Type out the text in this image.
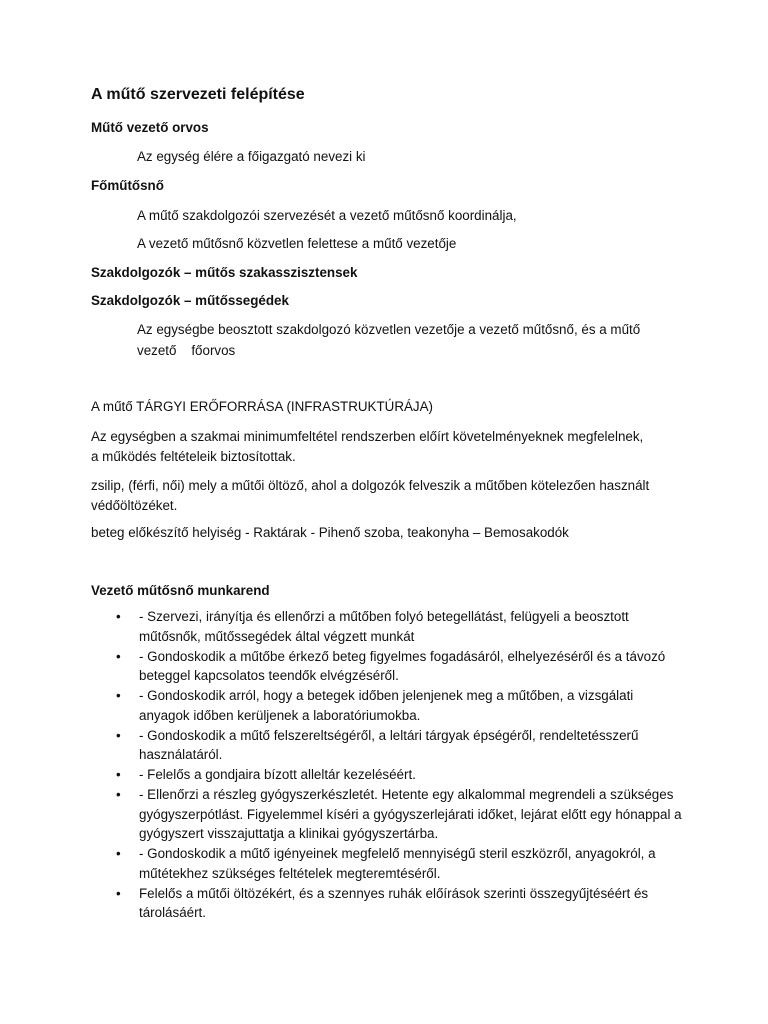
A műtő szervezeti felépítése
Műtő vezető orvos
Az egység élére a főigazgató nevezi ki
Főműtősnő
A műtő szakdolgozói szervezését a vezető műtősnő koordinálja,
A vezető műtősnő közvetlen felettese a műtő vezetője
Szakdolgozók – műtős szakasszisztensek
Szakdolgozók – műtőssegédek
Az egységbe beosztott szakdolgozó közvetlen vezetője a vezető műtősnő, és a műtő
vezető    főorvos
A műtő TÁRGYI ERŐFORRÁSA (INFRASTRUKTÚRÁJA)
Az egységben a szakmai minimumfeltétel rendszerben előírt követelményeknek megfelelnek, a működés feltételeik biztosítottak.
zsilip, (férfi, női) mely a műtői öltöző, ahol a dolgozók felveszik a műtőben kötelezően használt védőöltözéket.
beteg előkészítő helyiség - Raktárak - Pihenő szoba, teakonyha – Bemosakodók
Vezető műtősnő munkarend
• - Szervezi, irányítja és ellenőrzi a műtőben folyó betegellátást, felügyeli a beosztott műtősnők, műtőssegédek által végzett munkát
• - Gondoskodik a műtőbe érkező beteg figyelmes fogadásáról, elhelyezéséről és a távozó beteggel kapcsolatos teendők elvégzéséről.
• - Gondoskodik arról, hogy a betegek időben jelenjenek meg a műtőben, a vizsgálati anyagok időben kerüljenek a laboratóriumokba.
• - Gondoskodik a műtő felszereltségéről, a leltári tárgyak épségéről, rendeltetésszerű használatáról.
• - Felelős a gondjaira bízott alleltár kezeléséért.
• - Ellenőrzi a részleg gyógyszerkészletét. Hetente egy alkalommal megrendeli a szükséges gyógyszerpótlást. Figyelemmel kíséri a gyógyszerlejárati időket, lejárat előtt egy hónappal a gyógyszert visszajuttatja a klinikai gyógyszertárba.
• - Gondoskodik a műtő igényeinek megfelelő mennyiségű steril eszközről, anyagokról, a műtétekhez szükséges feltételek megteremtéséről.
• Felelős a műtői öltözékért, és a szennyes ruhák előírások szerinti összegyűjtéséért és tárolásáért.
